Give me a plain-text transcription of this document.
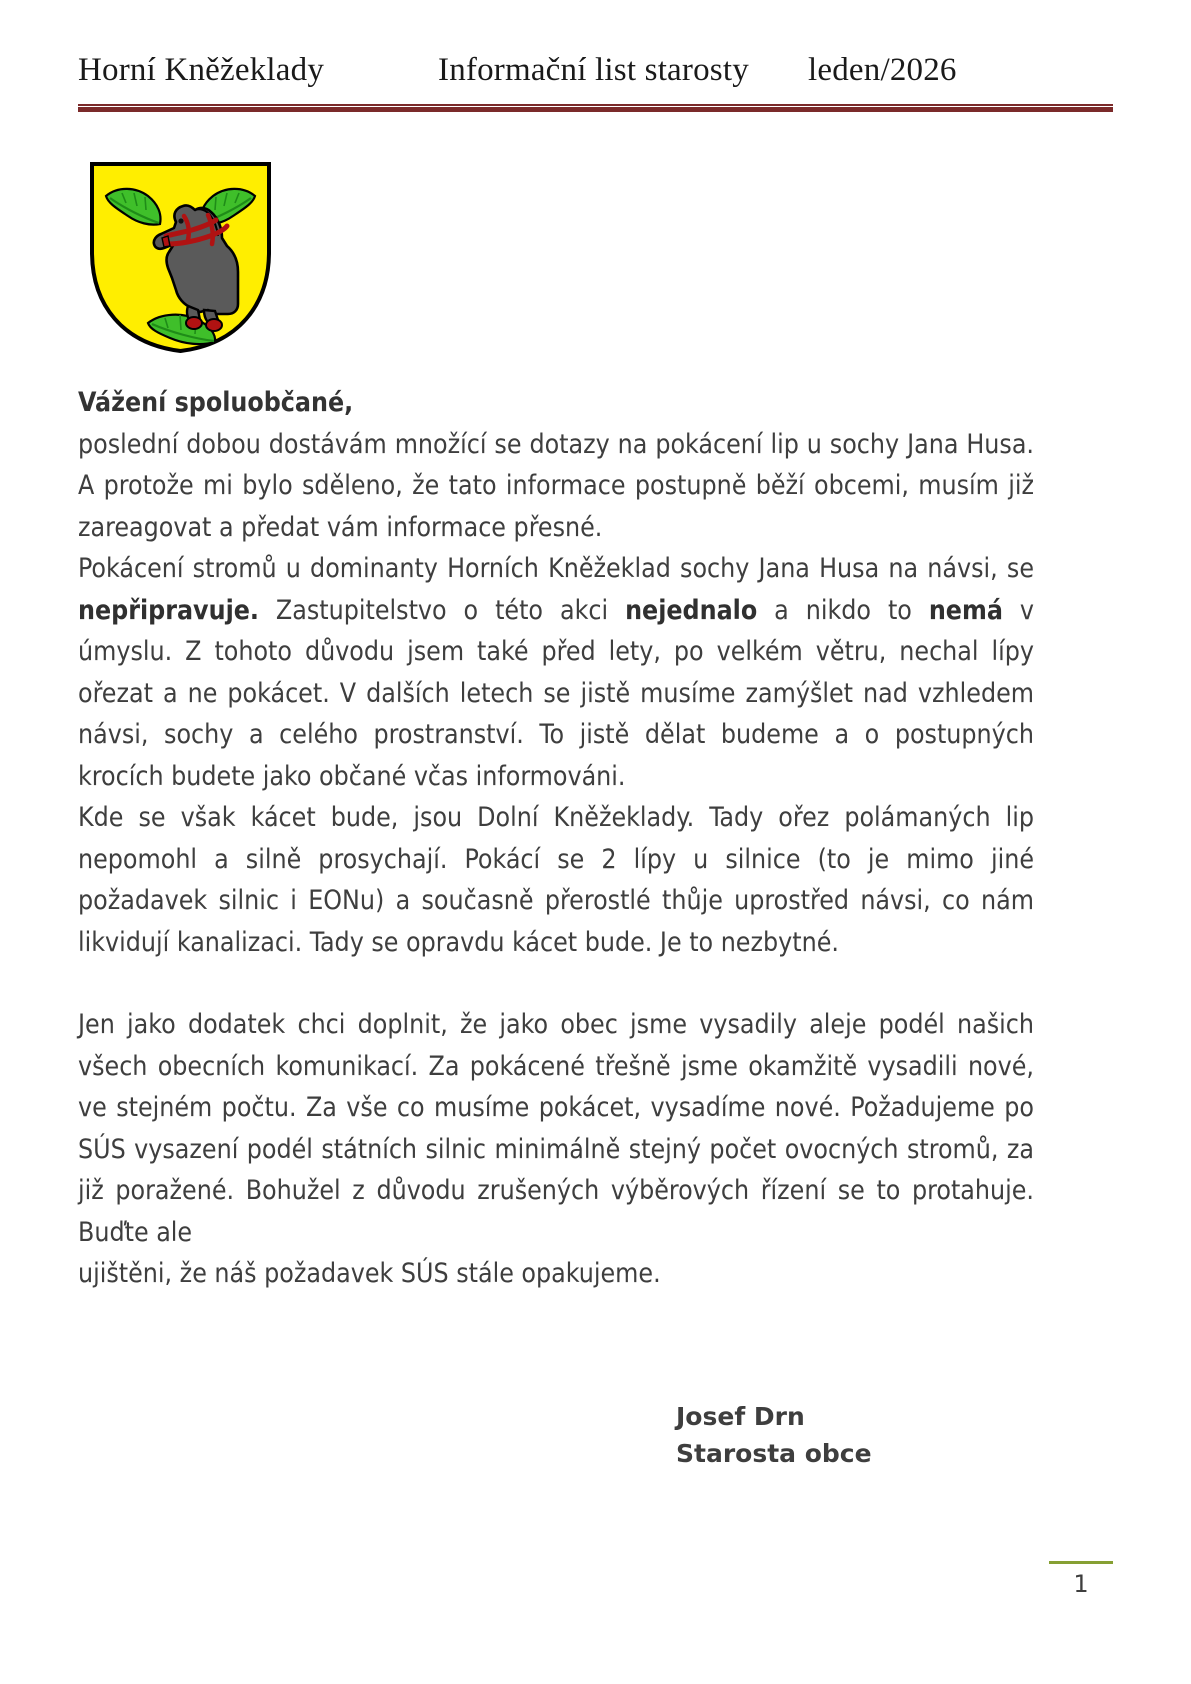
Horní Kněžeklady	Informační list starosty	leden/2026

Vážení spoluobčané,

poslední dobou dostávám množící se dotazy na pokácení lip u sochy Jana Husa. A protože mi bylo sděleno, že tato informace postupně běží obcemi, musím již zareagovat a předat vám informace přesné.

Pokácení stromů u dominanty Horních Kněžeklad sochy Jana Husa na návsi, se nepřipravuje. Zastupitelstvo o této akci nejednalo a nikdo to nemá v úmyslu. Z tohoto důvodu jsem také před lety, po velkém větru, nechal lípy ořezat a ne pokácet. V dalších letech se jistě musíme zamýšlet nad vzhledem návsi, sochy a celého prostranství. To jistě dělat budeme a o postupných krocích budete jako občané včas informováni.

Kde se však kácet bude, jsou Dolní Kněžeklady. Tady ořez polámaných lip nepomohl a silně prosychají. Pokácí se 2 lípy u silnice (to je mimo jiné požadavek silnic i EONu) a současně přerostlé thůje uprostřed návsi, co nám likvidují kanalizaci. Tady se opravdu kácet bude. Je to nezbytné.

Jen jako dodatek chci doplnit, že jako obec jsme vysadily aleje podél našich všech obecních komunikací. Za pokácené třešně jsme okamžitě vysadili nové, ve stejném počtu. Za vše co musíme pokácet, vysadíme nové. Požadujeme po SÚS vysazení podél státních silnic minimálně stejný počet ovocných stromů, za již poražené. Bohužel z důvodu zrušených výběrových řízení se to protahuje. Buďte ale

ujištěni, že náš požadavek SÚS stále opakujeme.

Josef Drn
Starosta obce
1
